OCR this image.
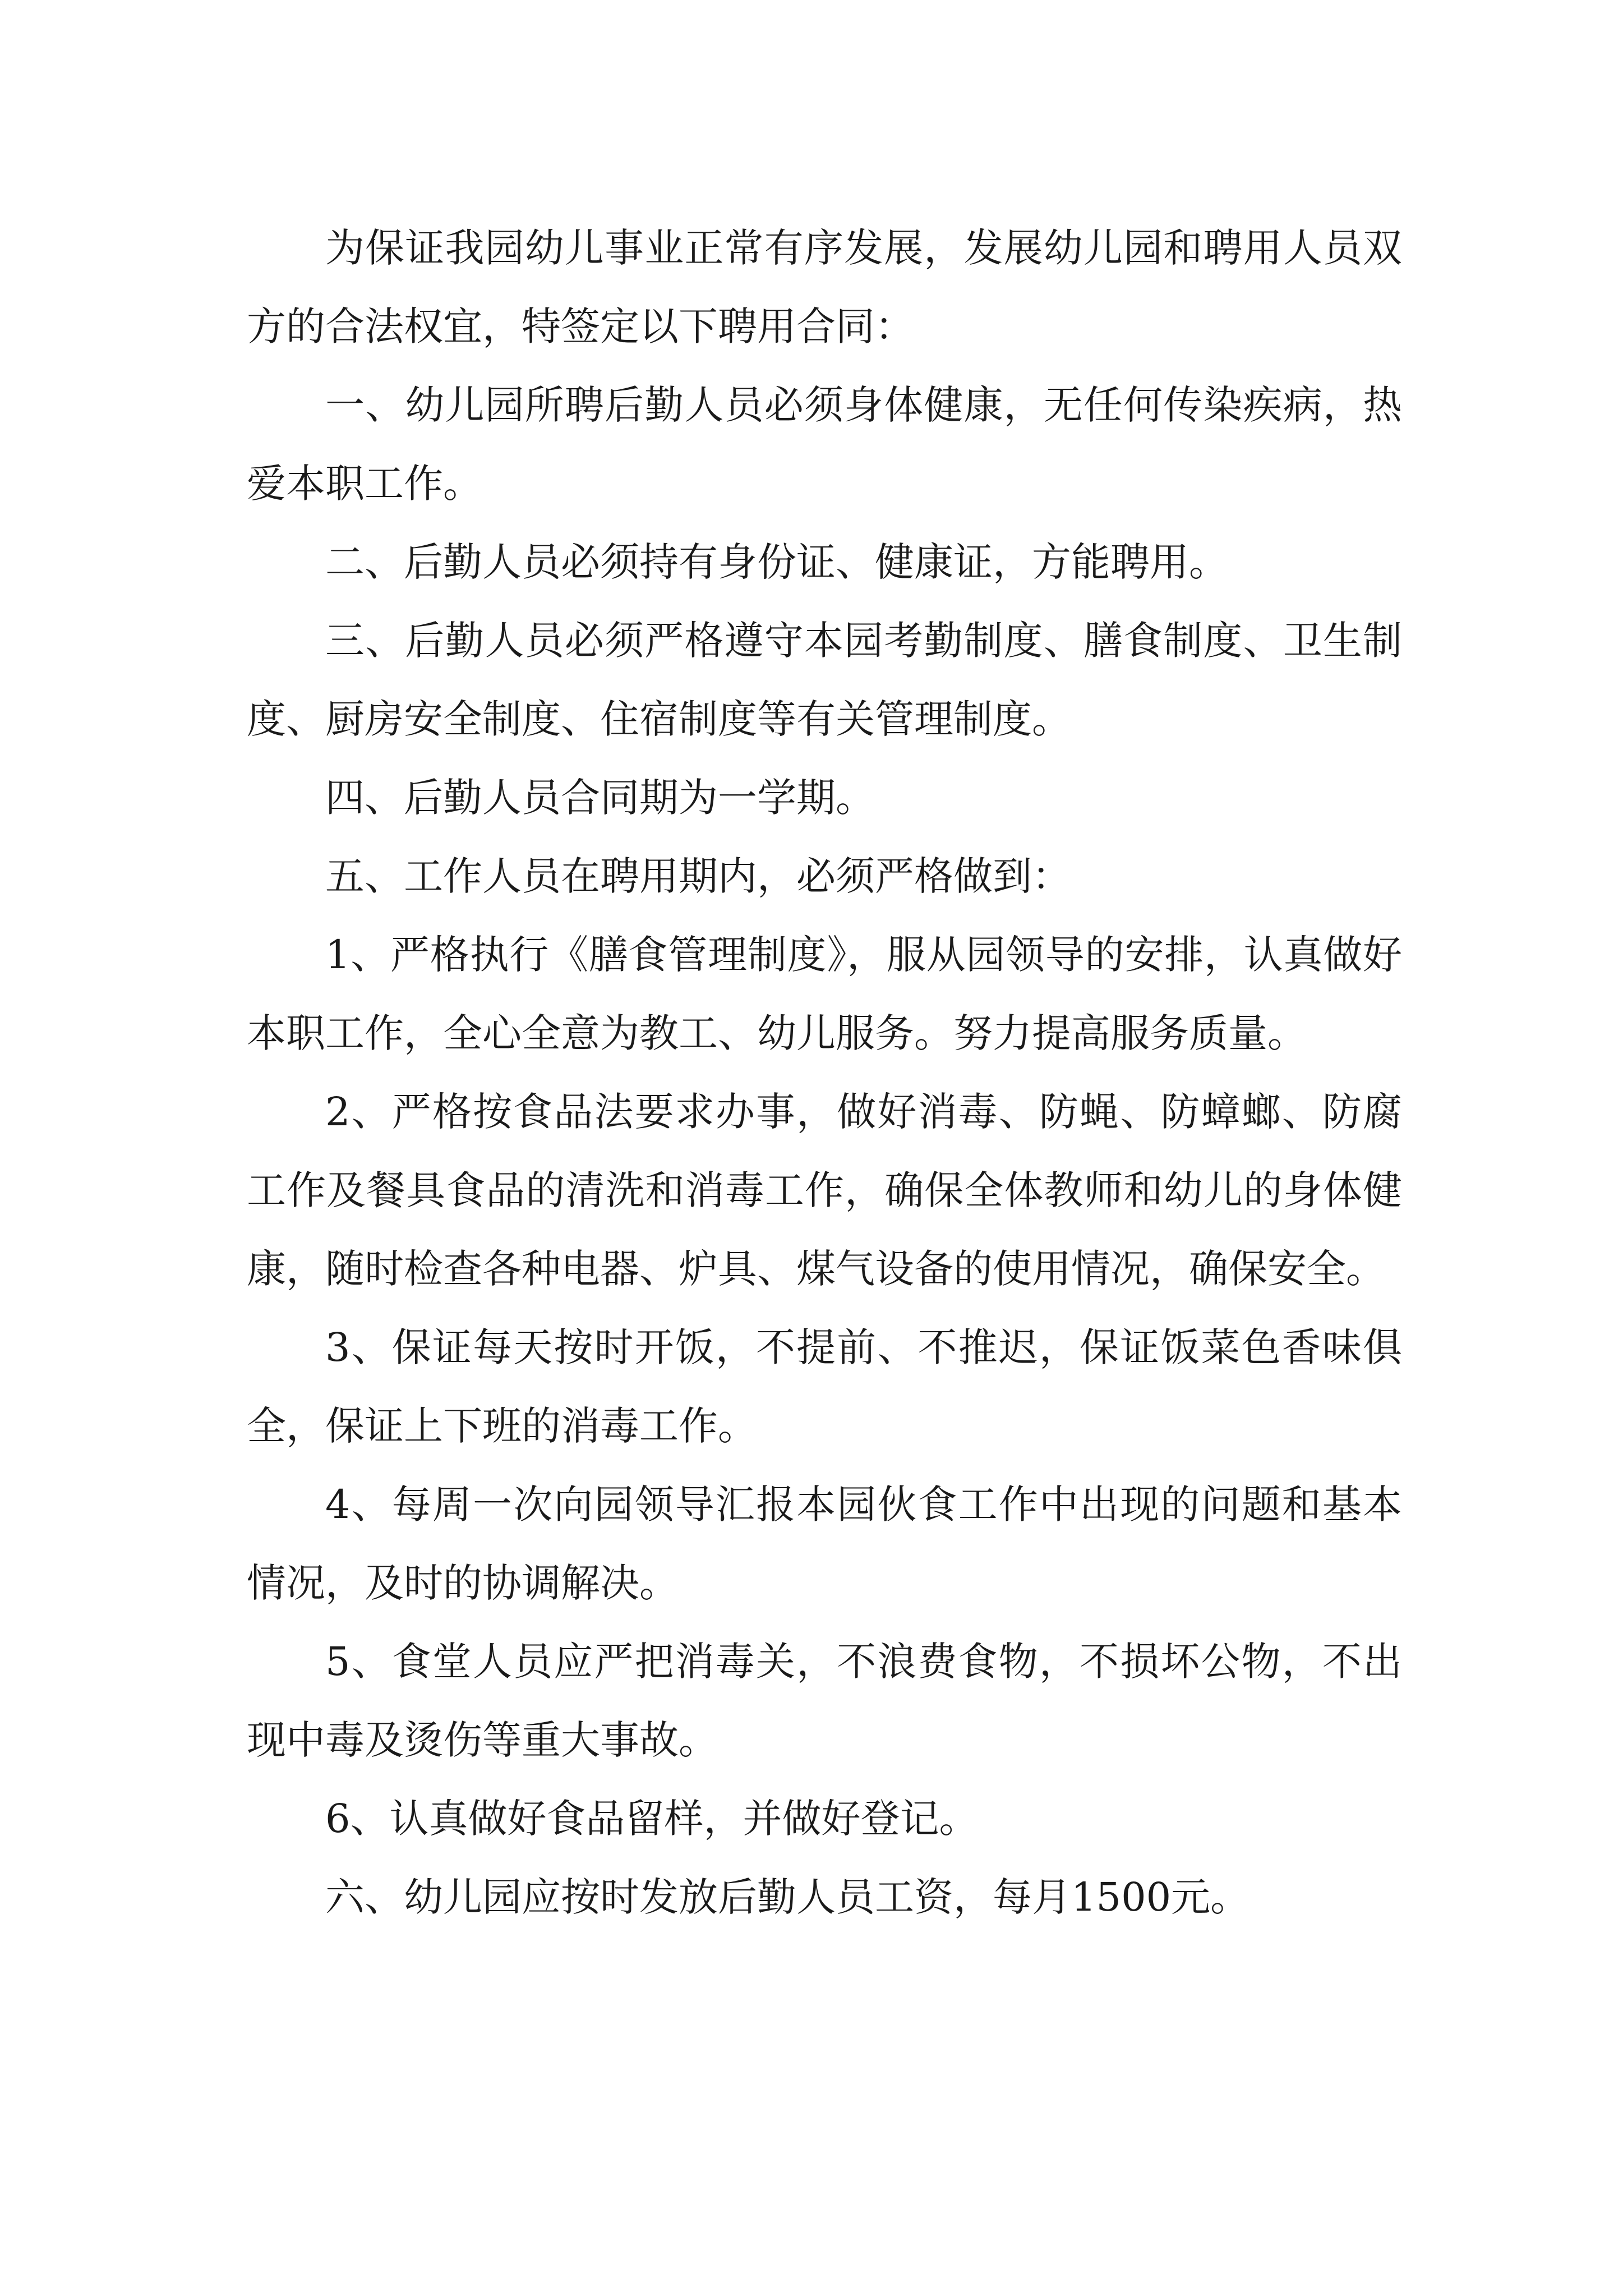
为保证我园幼儿事业正常有序发展，发展幼儿园和聘用人员双方的合法权宜，特签定以下聘用合同：

一、幼儿园所聘后勤人员必须身体健康，无任何传染疾病，热爱本职工作。

二、后勤人员必须持有身份证、健康证，方能聘用。

三、后勤人员必须严格遵守本园考勤制度、膳食制度、卫生制度、厨房安全制度、住宿制度等有关管理制度。

四、后勤人员合同期为一学期。

五、工作人员在聘用期内，必须严格做到：

1、严格执行《膳食管理制度》，服从园领导的安排，认真做好本职工作，全心全意为教工、幼儿服务。努力提高服务质量。

2、严格按食品法要求办事，做好消毒、防蝇、防蟑螂、防腐工作及餐具食品的清洗和消毒工作，确保全体教师和幼儿的身体健康，随时检查各种电器、炉具、煤气设备的使用情况，确保安全。

3、保证每天按时开饭，不提前、不推迟，保证饭菜色香味俱全，保证上下班的消毒工作。

4、每周一次向园领导汇报本园伙食工作中出现的问题和基本情况，及时的协调解决。

5、食堂人员应严把消毒关，不浪费食物，不损坏公物，不出现中毒及烫伤等重大事故。

6、认真做好食品留样，并做好登记。

六、幼儿园应按时发放后勤人员工资，每月1500元。
